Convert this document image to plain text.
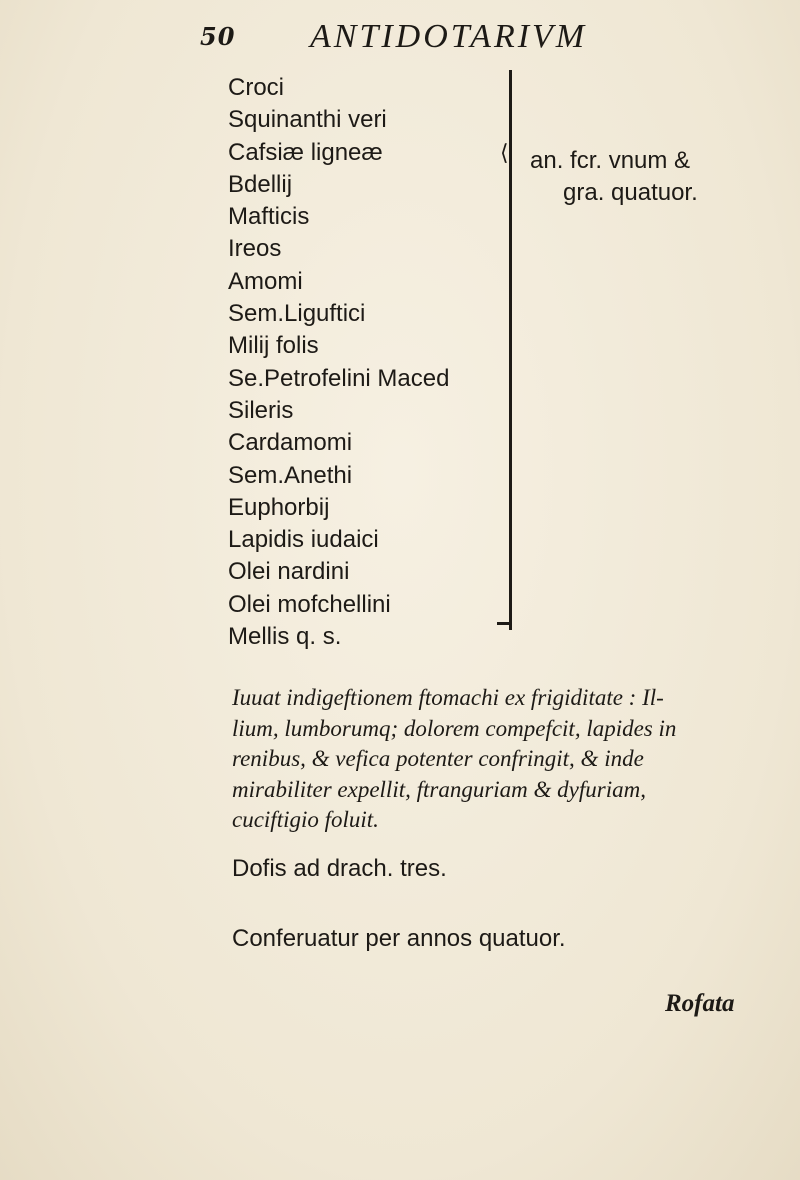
50 ANTIDOTARIVM
Croci
Squinanthi veri
Cafsiæ ligneæ
Bdellij
Mafticis
Ireos
Amomi
Sem.Liguftici
Milij folis
Se.Petrofelini Maced
Sileris
Cardamomi
Sem.Anethi
Euphorbij
Lapidis iudaici
Olei nardini
Olei mofchellini
Mellis q. s.
⟨ an. fcr. vnum &
gra. quatuor.
Iuuat indigeftionem ftomachi ex frigiditate : Il-
lium, lumborumq; dolorem compefcit, lapides in
renibus, & vefica potenter confringit, & inde
mirabiliter expellit, ftranguriam & dyfuriam,
cuciftigio foluit.
Dofis ad drach. tres.
Conferuatur per annos quatuor.
Rofata
